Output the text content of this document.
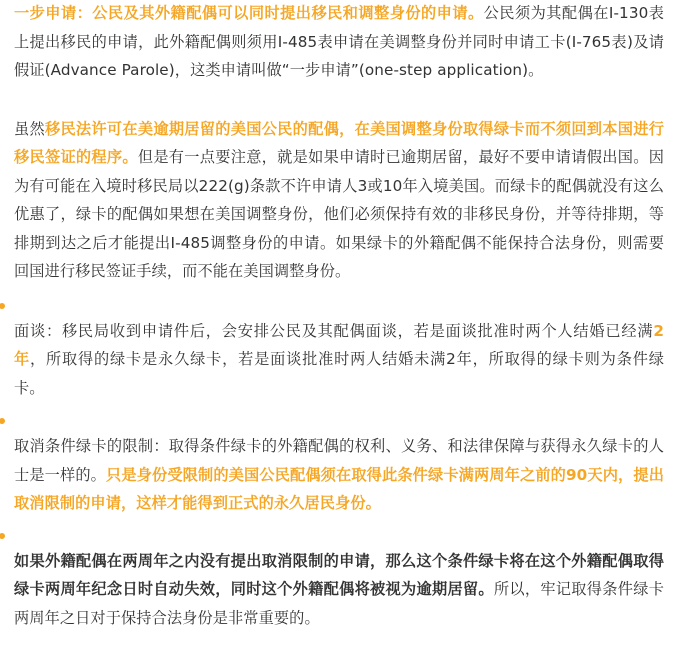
一步申请：公民及其外籍配偶可以同时提出移民和调整身份的申请。公民须为其配偶在I-130表上提出移民的申请，此外籍配偶则须用I-485表申请在美调整身份并同时申请工卡(I-765表)及请假证(Advance Parole)，这类申请叫做“一步申请”(one-step application)。

虽然移民法许可在美逾期居留的美国公民的配偶，在美国调整身份取得绿卡而不须回到本国进行移民签证的程序。但是有一点要注意，就是如果申请时已逾期居留，最好不要申请请假出国。因为有可能在入境时移民局以222(g)条款不许申请人3或10年入境美国。而绿卡的配偶就没有这么优惠了，绿卡的配偶如果想在美国调整身份，他们必须保持有效的非移民身份，并等待排期，等排期到达之后才能提出I-485调整身份的申请。如果绿卡的外籍配偶不能保持合法身份，则需要回国进行移民签证手续，而不能在美国调整身份。

面谈：移民局收到申请件后，会安排公民及其配偶面谈，若是面谈批准时两个人结婚已经满2年，所取得的绿卡是永久绿卡，若是面谈批准时两人结婚未满2年，所取得的绿卡则为条件绿卡。

取消条件绿卡的限制：取得条件绿卡的外籍配偶的权利、义务、和法律保障与获得永久绿卡的人士是一样的。只是身份受限制的美国公民配偶须在取得此条件绿卡满两周年之前的90天内，提出取消限制的申请，这样才能得到正式的永久居民身份。

如果外籍配偶在两周年之内没有提出取消限制的申请，那么这个条件绿卡将在这个外籍配偶取得绿卡两周年纪念日时自动失效，同时这个外籍配偶将被视为逾期居留。所以，牢记取得条件绿卡两周年之日对于保持合法身份是非常重要的。
